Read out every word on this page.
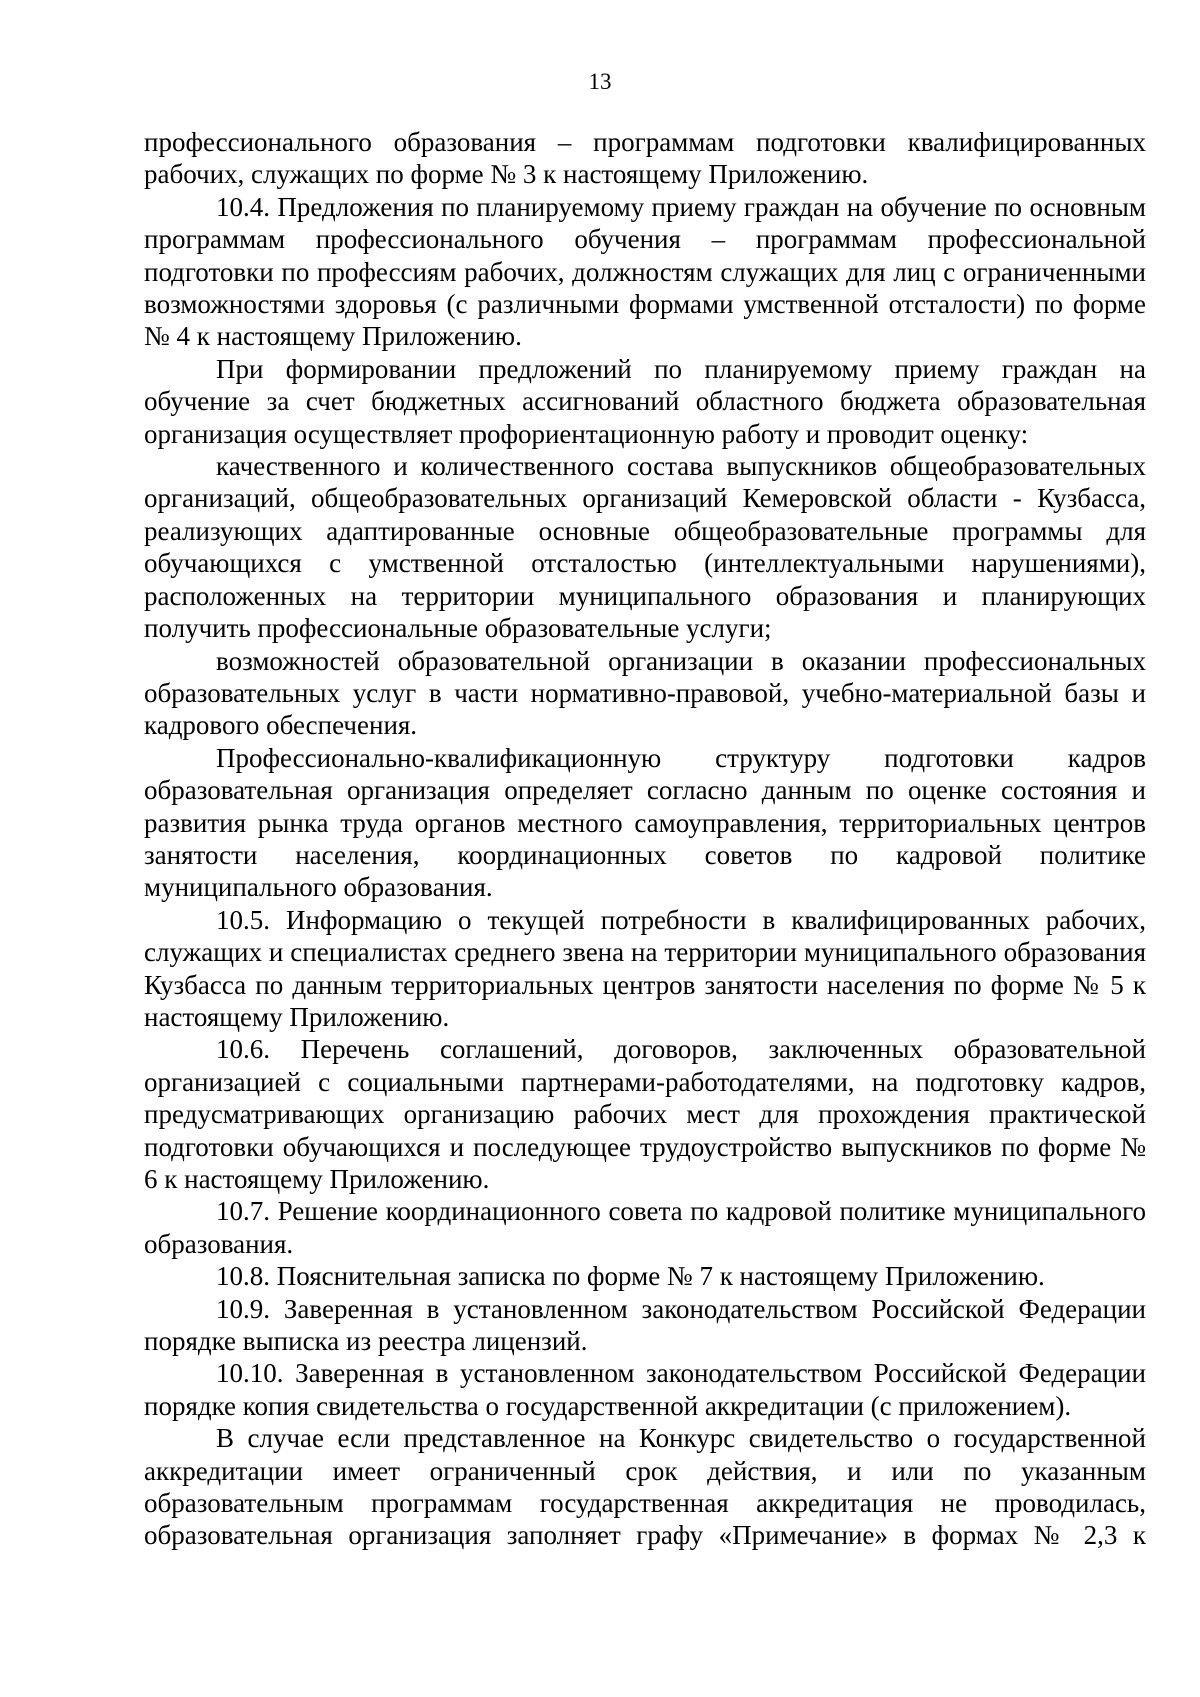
13

профессионального образования – программам подготовки квалифицированных рабочих, служащих по форме № 3 к настоящему Приложению.

10.4. Предложения по планируемому приему граждан на обучение по основным программам профессионального обучения – программам профессиональной подготовки по профессиям рабочих, должностям служащих для лиц с ограниченными возможностями здоровья (с различными формами умственной отсталости) по форме № 4 к настоящему Приложению.

При формировании предложений по планируемому приему граждан на обучение за счет бюджетных ассигнований областного бюджета образовательная организация осуществляет профориентационную работу и проводит оценку:

качественного и количественного состава выпускников общеобразовательных организаций, общеобразовательных организаций Кемеровской области - Кузбасса, реализующих адаптированные основные общеобразовательные программы для обучающихся с умственной отсталостью (интеллектуальными нарушениями), расположенных на территории муниципального образования и планирующих получить профессиональные образовательные услуги;

возможностей образовательной организации в оказании профессиональных образовательных услуг в части нормативно-правовой, учебно-материальной базы и кадрового обеспечения.

Профессионально-квалификационную структуру подготовки кадров образовательная организация определяет согласно данным по оценке состояния и развития рынка труда органов местного самоуправления, территориальных центров занятости населения, координационных советов по кадровой политике муниципального образования.

10.5. Информацию о текущей потребности в квалифицированных рабочих, служащих и специалистах среднего звена на территории муниципального образования Кузбасса по данным территориальных центров занятости населения по форме № 5 к настоящему Приложению.

10.6. Перечень соглашений, договоров, заключенных образовательной организацией с социальными партнерами-работодателями, на подготовку кадров, предусматривающих организацию рабочих мест для прохождения практической подготовки обучающихся и последующее трудоустройство выпускников по форме № 6 к настоящему Приложению.

10.7. Решение координационного совета по кадровой политике муниципального образования.

10.8. Пояснительная записка по форме № 7 к настоящему Приложению.

10.9. Заверенная в установленном законодательством Российской Федерации порядке выписка из реестра лицензий.

10.10. Заверенная в установленном законодательством Российской Федерации порядке копия свидетельства о государственной аккредитации (с приложением).

В случае если представленное на Конкурс свидетельство о государственной аккредитации имеет ограниченный срок действия, и или по указанным образовательным программам государственная аккредитация не проводилась, образовательная организация заполняет графу «Примечание» в формах № 2,3 к
